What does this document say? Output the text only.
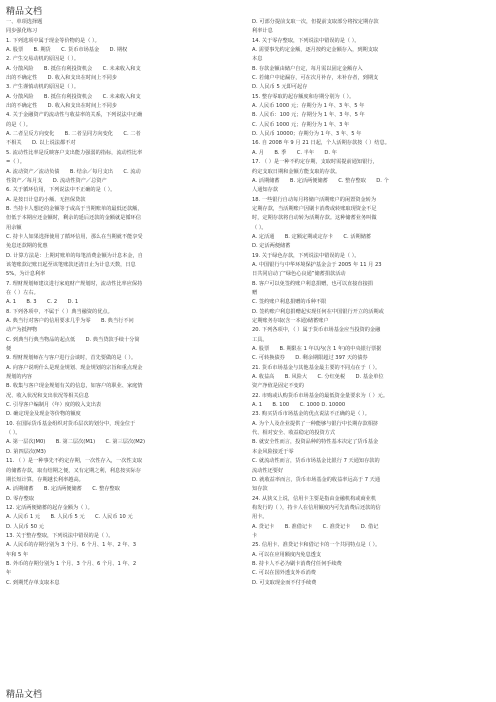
精品文档
一、单项选择题
同步强化练习
1. 下列选项中属于现金等价物的是（ ）。
A. 股票　　B. 期货　　C. 货币市场基金　　D. 期权
2. 产生交易动机的原因是（ ）。
A. 分散风险　　B. 抵住有利投资机会　　C. 未来收入和支
出的不确定性　　D. 收入和支出在时间上不同步
3. 产生谨慎动机的原因是（ ）。
A. 分散风险　　B. 抵住有利投资机会　　C. 未来收入和支
出的不确定性　　D. 收入和支出在时间上不同步
4. 关于金融资产的流动性与收益率的关系，下列说法中正确
的是（ ）。
A. 二者呈反方向变化　　B. 二者呈同方向变化　　C. 二者
不相关　　D. 以上说法都不对
5. 流动性比率是反映客户支出能力强弱的指标，流动性比率
=（ ）。
A. 流动资产／流动负债　　B. 结余／每月支出　　C. 流动
性资产／每月支　　D. 流动性资产／总资产
6. 关于循环信用，下列说法中不正确的是（ ）。
A. 是按日计息的小额、无担保贷款
B. 当持卡人想还的金额等于或高于当期账单的最低还款额，
但低于本期应还金额时，剩余的延后还款的金额就是循环信
用余额
C. 持卡人如果选择使用了循环信用，那么在当期就不能享受
免息还款期的优惠
D. 计算方法是：上期对账单的每笔消费金额为计息本金，自
该笔账款记账日起至该笔账款还清日止为计息天数，日息
5%，为计息利率
7. 理财规划师建议进行家庭财产规划时，流动性比率应保持
在（ ）左右。
A. 1　　B. 3　　C. 2　　D. 1
8. 下列各项中，不属于（ ）典当融资的优点。
A. 典当行对客户的信用要求几乎为零　　B. 典当行不问
动产为抵押物
C. 到典当行典当物品的起点低　　D. 典当贷款手续十分简
便
9. 理财规划师在与客户进行会谈时，首先要做的是（ ）。
A. 向客户说明什么是现金规划、现金规划的宗旨和重点现金
规划的内容
B. 收集与客户现金规划有关的信息，如客户的职业、家庭情
况、收入状况和支出状况等相关信息
C. 引导客户编制月（年）度的收入支出表
D. 确定现金及现金等价物的额度
10. 在国际货币基金组织对货币层次的划分中，现金位于
（ ）。
A. 第一层次(M0)　　B. 第二层次(M1)　　C. 第三层次(M2)
D. 第四层次(M3)
11. （ ）是一种事先不约定存期，一次性存入，一次性支取
的储蓄存款，取有结期之便，又有定期之利，利息按实际存
期长短计算，存期越长利率越高。
A. 活期储蓄　　B. 定活两便储蓄　　C. 整存整取
D. 零存整取
12. 定活两便储蓄的起存金额为（ ）。
A. 人民币 1 元　　B. 人民币 5 元　　C. 人民币 10 元
D. 人民币 50 元
13. 关于整存整取，下列说法中错误的是（ ）。
A. 人民币的存期分别为 3 个月、6 个月、1 年、2 年、3
年和 5 年
B. 外币的存期分别为 1 个月、3 个月、6 个月、1 年、2
年
C. 到期凭存单支取本息
D. 可部分提前支取一次，但提前支取部分将按定期存款
利率计息
14. 关于零存整取，下列说法中错误的是（ ）。
A. 需要事先约定金额，逐月按约定金额存入，到期支取
本息
B. 存款金额由储户自定，每月需以固定金额存入
C. 若储户中途漏存，可在次月补存，未补存者，到期支
D. 人民币 5 元即可起存
15. 整存零取的起存额度和存期分别为（ ）。
A. 人民币 1000 元；存期分为 1 年、3 年、5 年
B. 人民币：100 元；存期分为 1 年、3 年、5 年
C. 人民币 1000 元；存期分为 1 年、3 年
D. 人民币 10000；存期分为 1 年、3 年、5 年
16. 自 2008 年 9 月 21 日起，个人活期存款按（ ）结息。
A. 月　　B. 季　　C. 半年　　D. 年
17. （ ）是一种不约定存期，支取时需提前通知银行，
约定支取日期和金额方能支取的存款。
A. 活期储蓄　　B. 定活两便储蓄　　C. 整存整取　　D. 个
人通知存款
18. 一些银行自动每月将储户活期账户的闲置资金转为
定期存款，当活期账户因刷卡消费或转账取现资金不足
时，定期存款将自动转为活期存款。这种储蓄业务叫做
（ ）。
A. 定活通　　B. 定额定期或定存卡　　C. 活期储蓄
D. 定活两便储蓄
19. 关于绿色存款，下列说法中错误的是（ ）。
A. 中国银行与中华环境保护基金会于 2005 年 11 月 23
日共同启动了“绿色心良通”储蓄捐款活动
B. 客户可以免签约账户利息捐赠，也可以直接直接捐
赠
C. 签约账户利息捐赠的币种不限
D. 签约账户利息捐赠起实现任何在中国银行开立的活期或
定期账务存取(含一本通)储蓄账户
20. 下列各项中，（ ）属于货币市场基金应当投资的金融
工具。
A. 股票　　B. 期限在 1 年以内(含 1 年)的中央银行票据
C. 可转换债券　　D. 剩余期限超过 397 天的债券
21. 货币市场基金与其他基金最主要的不同点在于（ ）。
A. 收益高　　B. 风险大　　C. 分红免税　　D. 基金单位
资产净值是固定不变的
22. 市购或认购货币市场基金的最低资金量要求为（ ）元。
A. 1　　B. 100　　C. 1000 D. 10000
23. 购买货币市场基金的优点说法不正确的是（ ）。
A. 为个人及企业提供了一种能够与银行中长期存款相挤
代、相对安全、收益稳定的投资方式
B. 就安全性而言，投资品种的特性基本决定了货币基金
本金风险接近于零
C. 就流动性而言，货币市场基金比银行 7 天通知存款的
流动性还要好
D. 就收益率而言，货币市场基金的收益率远高于 7 天通
知存款
24. 从狭义上说，信用卡主要是指由金融机构或商业机
构发行的（ ），持卡人在信用额度内可先消费后还款的信
用卡。
A. 贷记卡　　B. 准借记卡　　C. 准贷记卡　　D. 借记
卡
25. 信用卡、准贷记卡和借记卡的一个共同特点是（ ）。
A. 可以在应用额度内免息透支
B. 持卡人不必为刷卡消费付任何手续费
C. 可以在国外透支外币消费
D. 可支取现金而不付手续费
精品文档
